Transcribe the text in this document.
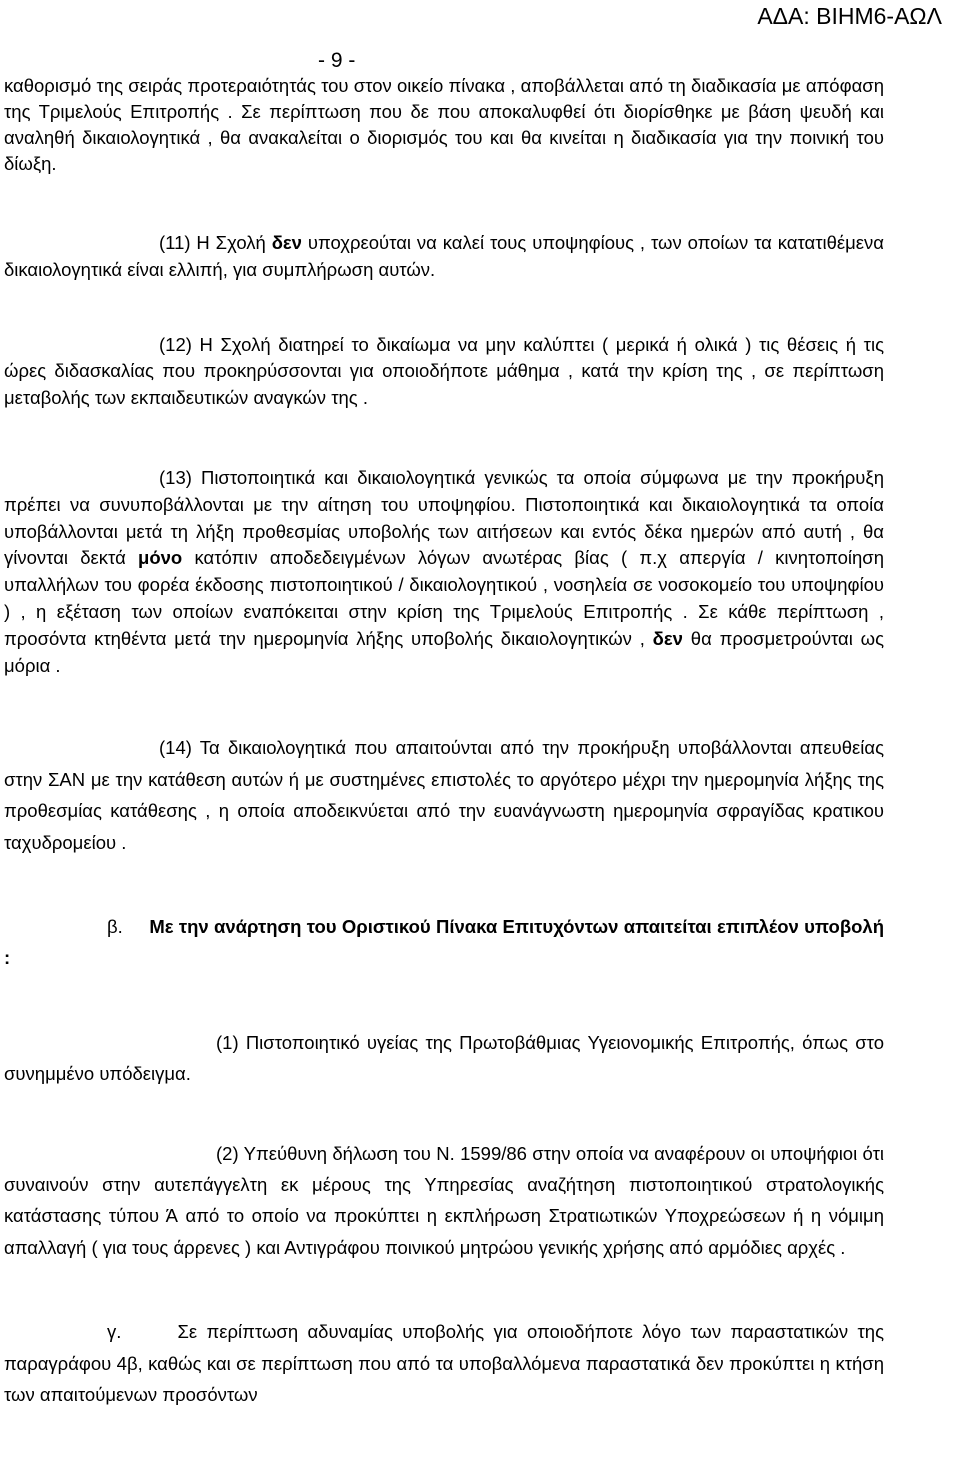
ΑΔΑ: ΒΙΗΜ6-ΑΩΛ
- 9 -

καθορισμό της σειράς προτεραιότητάς του στον οικείο πίνακα , αποβάλλεται από τη διαδικασία με απόφαση της Τριμελούς Επιτροπής . Σε περίπτωση που δε που αποκαλυφθεί ότι διορίσθηκε με βάση ψευδή και αναληθή δικαιολογητικά , θα ανακαλείται ο διορισμός του και θα κινείται η διαδικασία για την ποινική του δίωξη.

(11) Η Σχολή δεν υποχρεούται να καλεί τους υποψηφίους , των οποίων τα κατατιθέμενα δικαιολογητικά είναι ελλιπή, για συμπλήρωση αυτών.

(12) Η Σχολή διατηρεί το δικαίωμα να μην καλύπτει ( μερικά ή ολικά ) τις θέσεις ή τις ώρες διδασκαλίας που προκηρύσσονται για οποιοδήποτε μάθημα , κατά την κρίση της , σε περίπτωση μεταβολής των εκπαιδευτικών αναγκών της .

(13) Πιστοποιητικά και δικαιολογητικά γενικώς τα οποία σύμφωνα με την προκήρυξη πρέπει να συνυποβάλλονται με την αίτηση του υποψηφίου. Πιστοποιητικά και δικαιολογητικά τα οποία υποβάλλονται μετά τη λήξη προθεσμίας υποβολής των αιτήσεων και εντός δέκα ημερών από αυτή , θα γίνονται δεκτά μόνο κατόπιν αποδεδειγμένων λόγων ανωτέρας βίας ( π.χ απεργία / κινητοποίηση υπαλλήλων του φορέα έκδοσης πιστοποιητικού / δικαιολογητικού , νοσηλεία σε νοσοκομείο του υποψηφίου ) , η εξέταση των οποίων εναπόκειται στην κρίση της Τριμελούς Επιτροπής . Σε κάθε περίπτωση , προσόντα κτηθέντα μετά την ημερομηνία λήξης υποβολής δικαιολογητικών , δεν θα προσμετρούνται ως μόρια .

(14) Τα δικαιολογητικά που απαιτούνται από την προκήρυξη υποβάλλονται απευθείας στην ΣΑΝ με την κατάθεση αυτών ή με συστημένες επιστολές το αργότερο μέχρι την ημερομηνία λήξης της προθεσμίας κατάθεσης , η οποία αποδεικνύεται από την ευανάγνωστη ημερομηνία σφραγίδας κρατικου ταχυδρομείου .

β. Με την ανάρτηση του Οριστικού Πίνακα Επιτυχόντων απαιτείται επιπλέον υποβολή :

(1) Πιστοποιητικό υγείας της Πρωτοβάθμιας Υγειονομικής Επιτροπής, όπως στο συνημμένο υπόδειγμα.

(2) Υπεύθυνη δήλωση του Ν. 1599/86 στην οποία να αναφέρουν οι υποψήφιοι ότι συναινούν στην αυτεπάγγελτη εκ μέρους της Υπηρεσίας αναζήτηση πιστοποιητικού στρατολογικής κατάστασης τύπου Ά από το οποίο να προκύπτει η εκπλήρωση Στρατιωτικών Υποχρεώσεων ή η νόμιμη απαλλαγή ( για τους άρρενες ) και Αντιγράφου ποινικού μητρώου γενικής χρήσης από αρμόδιες αρχές .

γ.	Σε περίπτωση αδυναμίας υποβολής για οποιοδήποτε λόγο των παραστατικών της παραγράφου 4β, καθώς και σε περίπτωση που από τα υποβαλλόμενα παραστατικά δεν προκύπτει η κτήση των απαιτούμενων προσόντων
